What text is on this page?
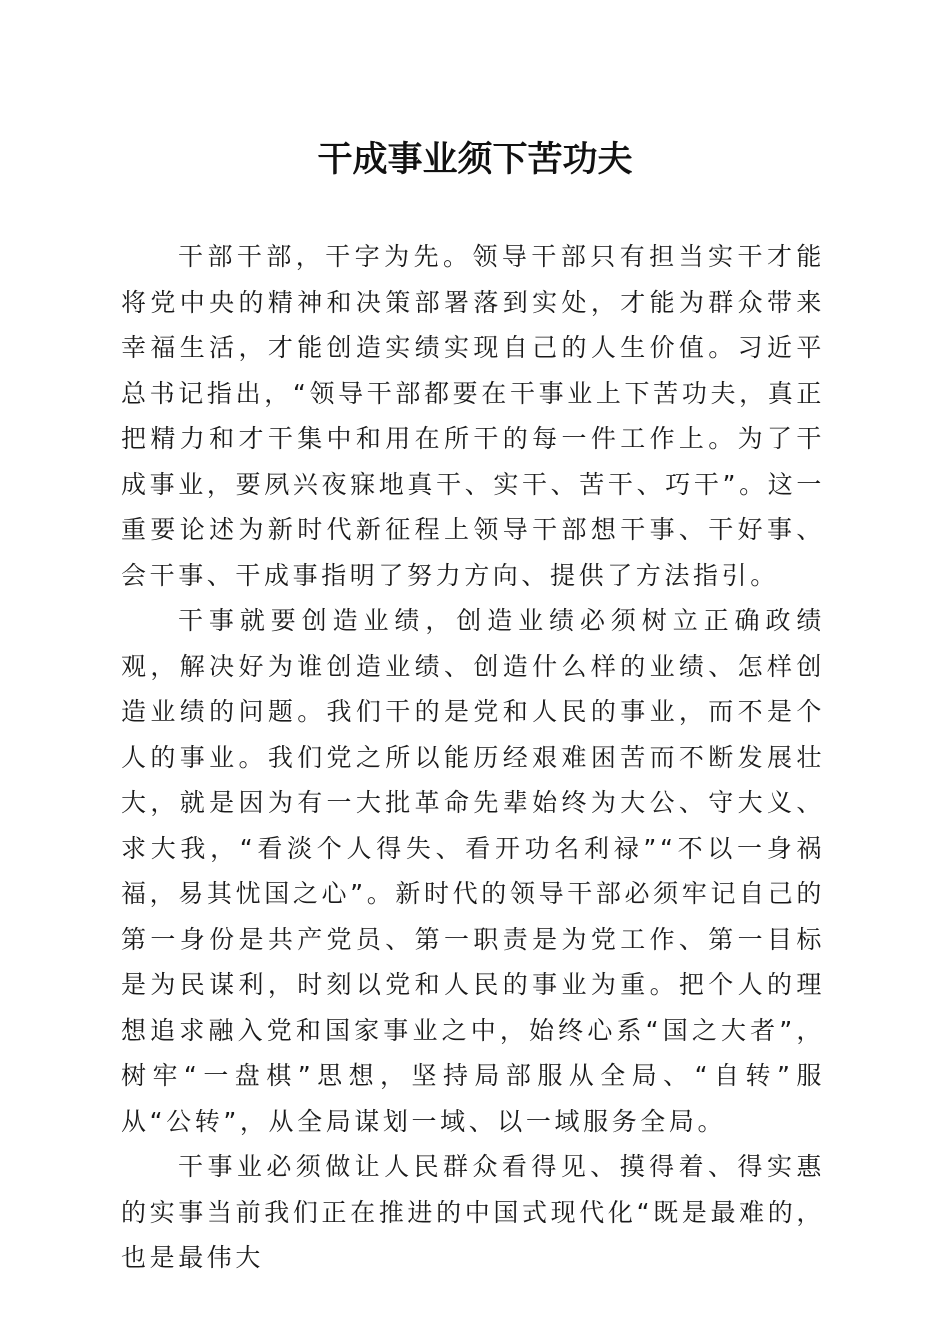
干成事业须下苦功夫

干部干部，干字为先。领导干部只有担当实干才能将党中央的精神和决策部署落到实处，才能为群众带来幸福生活，才能创造实绩实现自己的人生价值。习近平总书记指出，“领导干部都要在干事业上下苦功夫，真正把精力和才干集中和用在所干的每一件工作上。为了干成事业，要夙兴夜寐地真干、实干、苦干、巧干”。这一重要论述为新时代新征程上领导干部想干事、干好事、会干事、干成事指明了努力方向、提供了方法指引。

干事就要创造业绩，创造业绩必须树立正确政绩观，解决好为谁创造业绩、创造什么样的业绩、怎样创造业绩的问题。我们干的是党和人民的事业，而不是个人的事业。我们党之所以能历经艰难困苦而不断发展壮大，就是因为有一大批革命先辈始终为大公、守大义、求大我，“看淡个人得失、看开功名利禄”“不以一身祸福，易其忧国之心”。新时代的领导干部必须牢记自己的第一身份是共产党员、第一职责是为党工作、第一目标是为民谋利，时刻以党和人民的事业为重。把个人的理想追求融入党和国家事业之中，始终心系“国之大者”，树牢“一盘棋”思想，坚持局部服从全局、“自转”服从“公转”，从全局谋划一域、以一域服务全局。

干事业必须做让人民群众看得见、摸得着、得实惠的实事当前我们正在推进的中国式现代化“既是最难的，也是最伟大
